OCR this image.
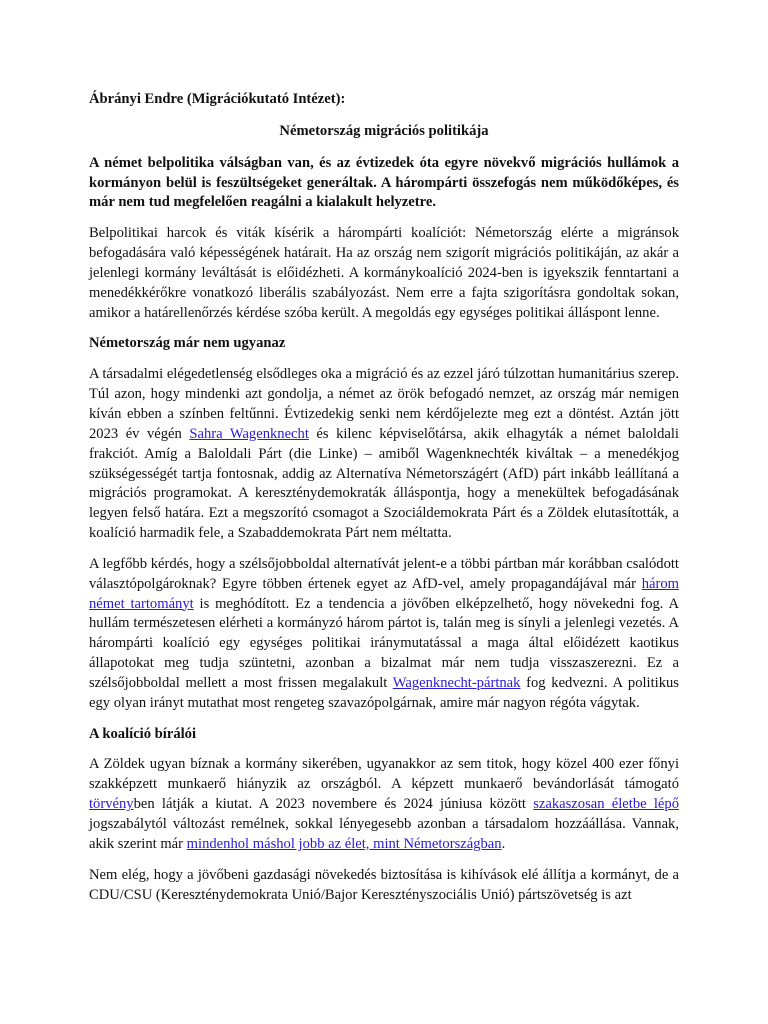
Ábrányi Endre (Migrációkutató Intézet):

Németország migrációs politikája

A német belpolitika válságban van, és az évtizedek óta egyre növekvő migrációs hullámok a kormányon belül is feszültségeket generáltak. A hárompárti összefogás nem működőképes, és már nem tud megfelelően reagálni a kialakult helyzetre.

Belpolitikai harcok és viták kísérik a hárompárti koalíciót: Németország elérte a migránsok befogadására való képességének határait. Ha az ország nem szigorít migrációs politikáján, az akár a jelenlegi kormány leváltását is előidézheti. A kormánykoalíció 2024-ben is igyekszik fenntartani a menedékkérőkre vonatkozó liberális szabályozást. Nem erre a fajta szigorításra gondoltak sokan, amikor a határellenőrzés kérdése szóba került. A megoldás egy egységes politikai álláspont lenne.

Németország már nem ugyanaz

A társadalmi elégedetlenség elsődleges oka a migráció és az ezzel járó túlzottan humanitárius szerep. Túl azon, hogy mindenki azt gondolja, a német az örök befogadó nemzet, az ország már nemigen kíván ebben a színben feltűnni. Évtizedekig senki nem kérdőjelezte meg ezt a döntést. Aztán jött 2023 év végén Sahra Wagenknecht és kilenc képviselőtársa, akik elhagyták a német baloldali frakciót. Amíg a Baloldali Párt (die Linke) – amiből Wagenknechték kiváltak – a menedékjog szükségességét tartja fontosnak, addig az Alternatíva Németországért (AfD) párt inkább leállítaná a migrációs programokat. A kereszténydemokraták álláspontja, hogy a menekültek befogadásának legyen felső határa. Ezt a megszorító csomagot a Szociáldemokrata Párt és a Zöldek elutasították, a koalíció harmadik fele, a Szabaddemokrata Párt nem méltatta.

A legfőbb kérdés, hogy a szélsőjobboldal alternatívát jelent-e a többi pártban már korábban csalódott választópolgároknak? Egyre többen értenek egyet az AfD-vel, amely propagandájával már három német tartományt is meghódított. Ez a tendencia a jövőben elképzelhető, hogy növekedni fog. A hullám természetesen elérheti a kormányzó három pártot is, talán meg is sínyli a jelenlegi vezetés. A hárompárti koalíció egy egységes politikai iránymutatással a maga által előidézett kaotikus állapotokat meg tudja szüntetni, azonban a bizalmat már nem tudja visszaszerezni. Ez a szélsőjobboldal mellett a most frissen megalakult Wagenknecht-pártnak fog kedvezni. A politikus egy olyan irányt mutathat most rengeteg szavazópolgárnak, amire már nagyon régóta vágytak.

A koalíció bírálói

A Zöldek ugyan bíznak a kormány sikerében, ugyanakkor az sem titok, hogy közel 400 ezer főnyi szakképzett munkaerő hiányzik az országból. A képzett munkaerő bevándorlását támogató törvényben látják a kiutat. A 2023 novembere és 2024 júniusa között szakaszosan életbe lépő jogszabálytól változást remélnek, sokkal lényegesebb azonban a társadalom hozzáállása. Vannak, akik szerint már mindenhol máshol jobb az élet, mint Németországban.

Nem elég, hogy a jövőbeni gazdasági növekedés biztosítása is kihívások elé állítja a kormányt, de a CDU/CSU (Kereszténydemokrata Unió/Bajor Keresztényszociális Unió) pártszövetség is azt
